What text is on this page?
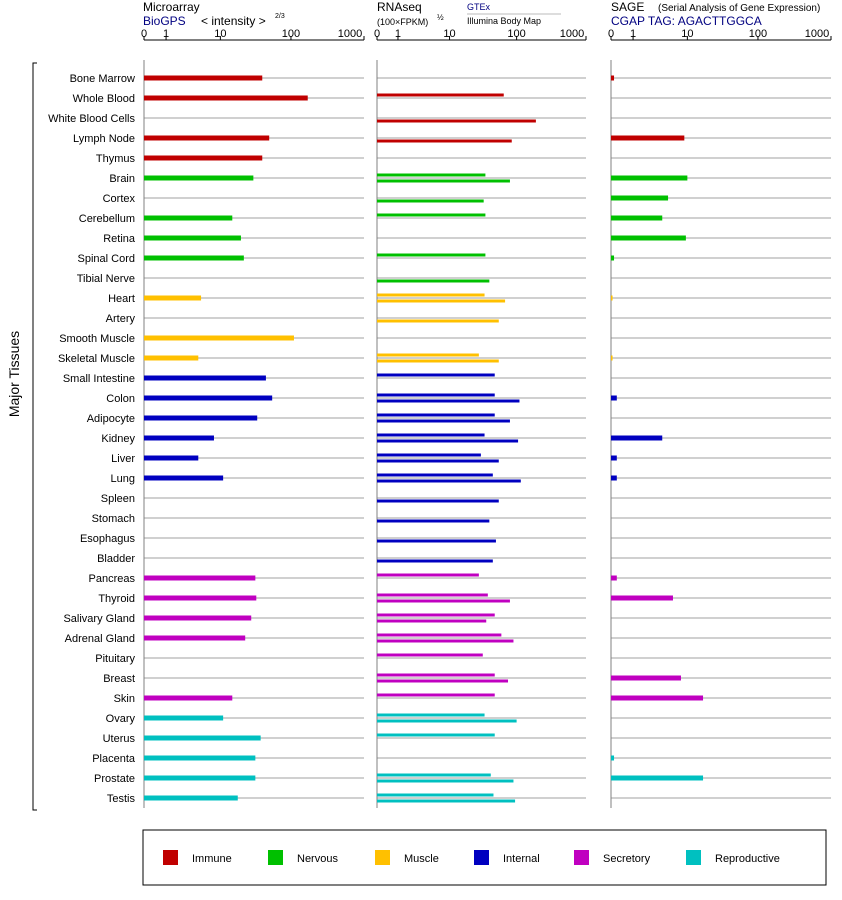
Microarray
BioGPS < intensity > 2/3
RNAseq
(100×FPKM) ½
GTEx
Illumina Body Map
SAGE (Serial Analysis of Gene Expression)
CGAP TAG: AGACTTGGCA
Major Tissues
0 1	10	100	1000 0 1	10	100	1000 0 1	10	100	1000
Bone Marrow
Whole Blood
White Blood Cells
Lymph Node
Thymus
Brain
Cortex
Cerebellum
Retina
Spinal Cord
Tibial Nerve
Heart
Artery
Smooth Muscle
Skeletal Muscle
Small Intestine
Colon
Adipocyte
Kidney
Liver
Lung
Spleen
Stomach
Esophagus
Bladder
Pancreas
Thyroid
Salivary Gland
Adrenal Gland
Pituitary
Breast
Skin
Ovary
Uterus
Placenta
Prostate
Testis
Immune	Nervous	Muscle	Internal	Secretory	Reproductive
